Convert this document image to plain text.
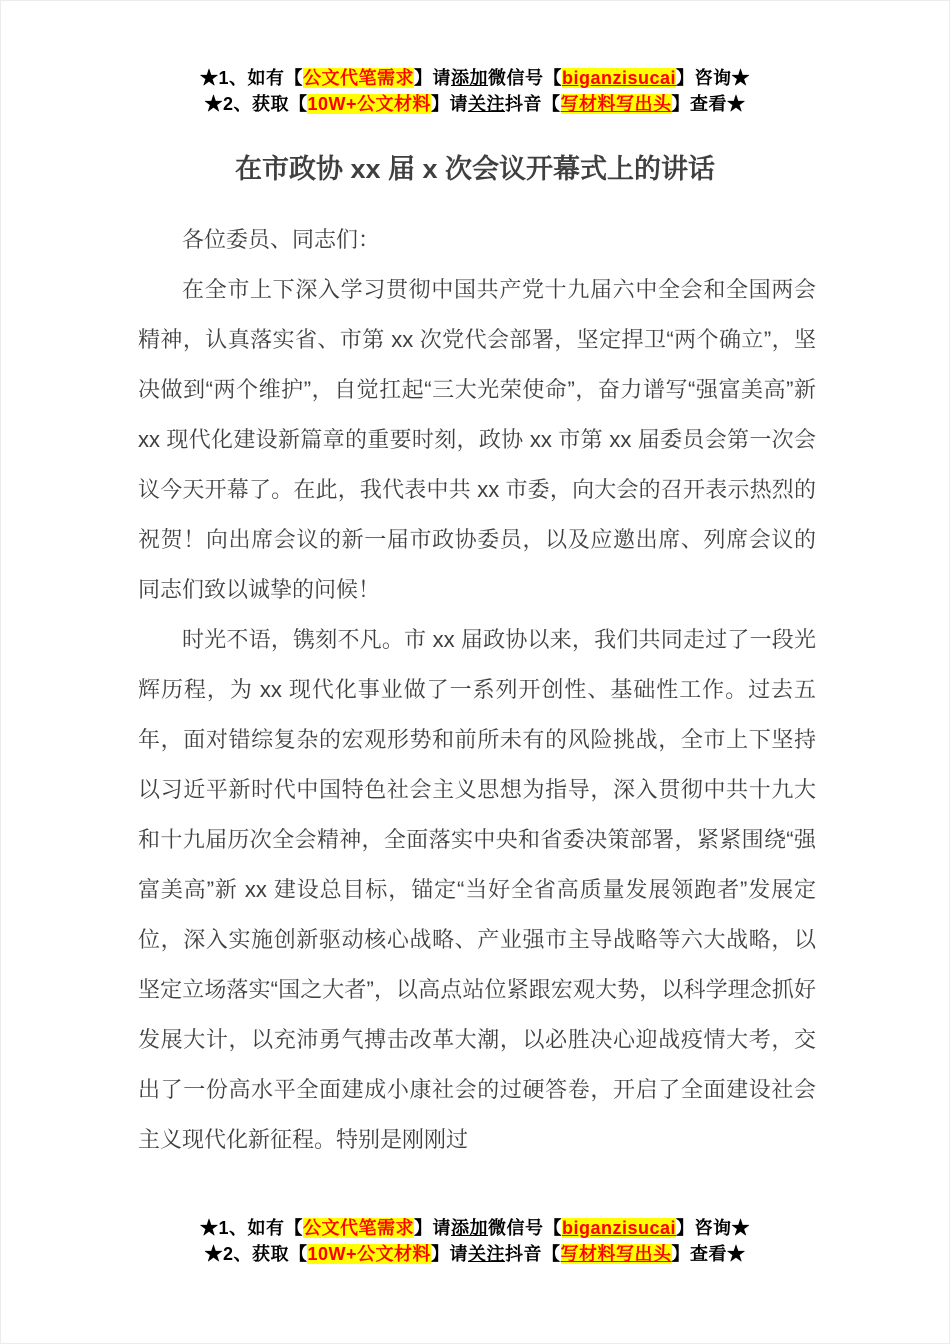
★1、如有【公文代笔需求】请添加微信号【biganzisucai】咨询★
★2、获取【10W+公文材料】请关注抖音【写材料写出头】查看★
在市政协 xx 届 x 次会议开幕式上的讲话

各位委员、同志们：

在全市上下深入学习贯彻中国共产党十九届六中全会和全国两会精神，认真落实省、市第 xx 次党代会部署，坚定捍卫“两个确立”，坚决做到“两个维护”，自觉扛起“三大光荣使命”，奋力谱写“强富美高”新 xx 现代化建设新篇章的重要时刻，政协 xx 市第 xx 届委员会第一次会议今天开幕了。在此，我代表中共 xx 市委，向大会的召开表示热烈的祝贺！向出席会议的新一届市政协委员，以及应邀出席、列席会议的同志们致以诚挚的问候！

时光不语，镌刻不凡。市 xx 届政协以来，我们共同走过了一段光辉历程，为 xx 现代化事业做了一系列开创性、基础性工作。过去五年，面对错综复杂的宏观形势和前所未有的风险挑战，全市上下坚持以习近平新时代中国特色社会主义思想为指导，深入贯彻中共十九大和十九届历次全会精神，全面落实中央和省委决策部署，紧紧围绕“强富美高”新 xx 建设总目标，锚定“当好全省高质量发展领跑者”发展定位，深入实施创新驱动核心战略、产业强市主导战略等六大战略，以坚定立场落实“国之大者”，以高点站位紧跟宏观大势，以科学理念抓好发展大计，以充沛勇气搏击改革大潮，以必胜决心迎战疫情大考，交出了一份高水平全面建成小康社会的过硬答卷，开启了全面建设社会主义现代化新征程。特别是刚刚过

★1、如有【公文代笔需求】请添加微信号【biganzisucai】咨询★
★2、获取【10W+公文材料】请关注抖音【写材料写出头】查看★
